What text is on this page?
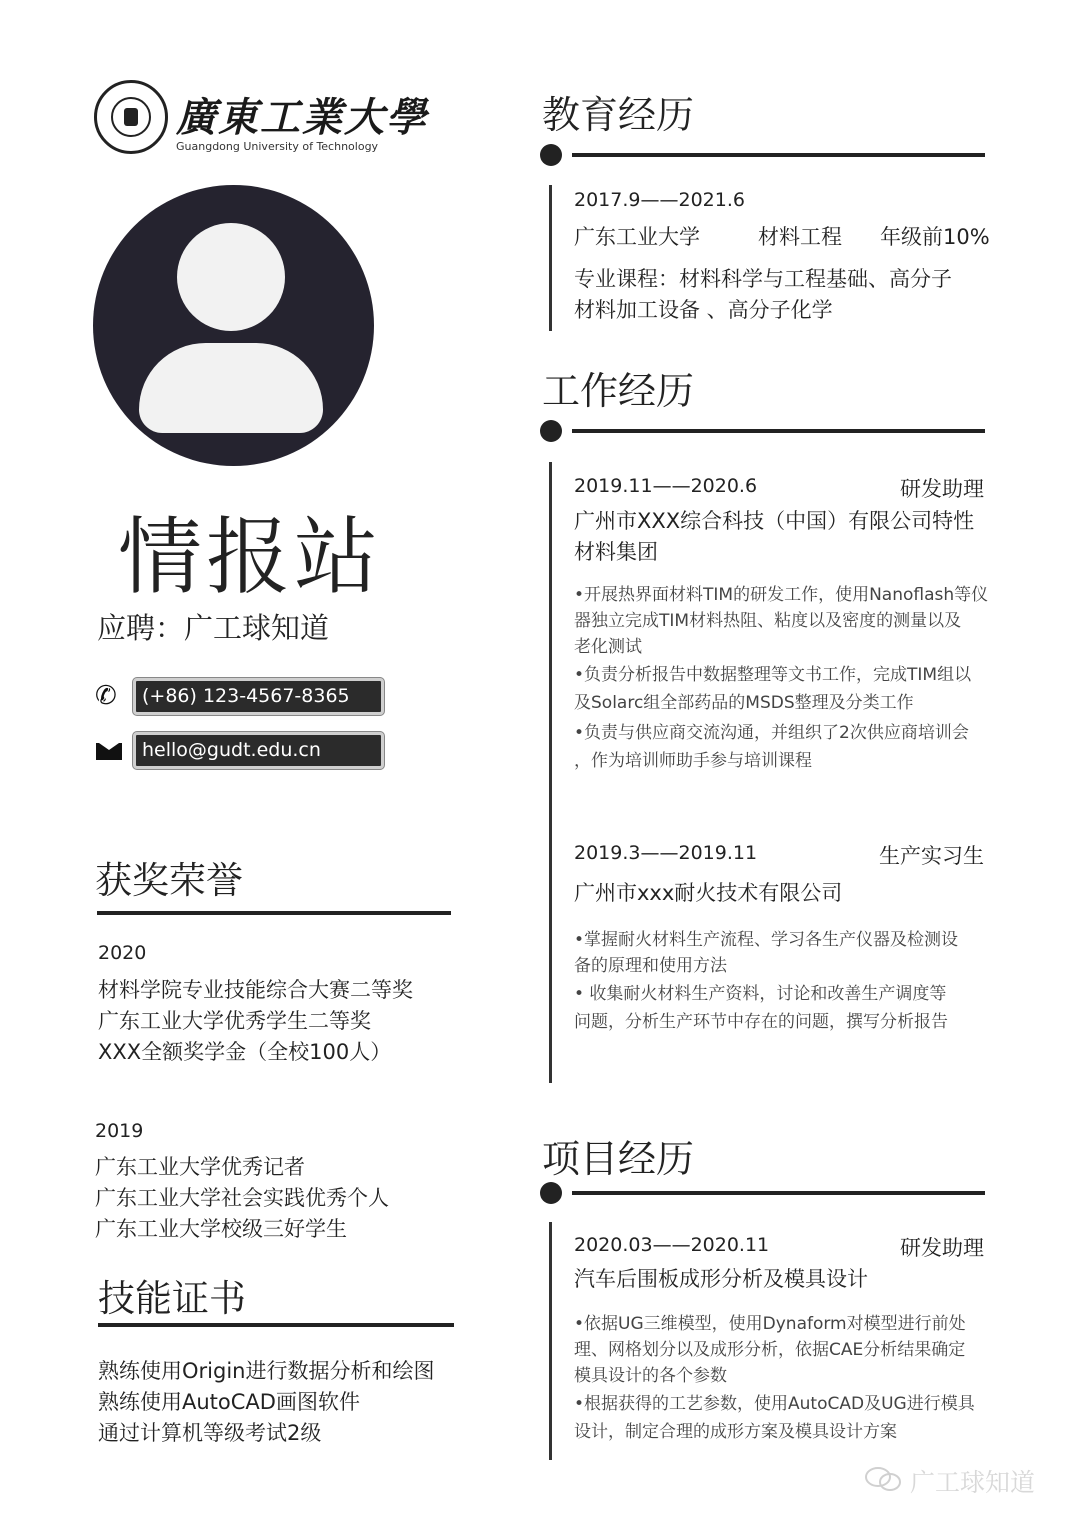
廣東工業大學
Guangdong University of Technology
情报站
应聘：广工球知道
✆	(+86) 123-4567-8365
hello@gudt.edu.cn
获奖荣誉
2020
材料学院专业技能综合大赛二等奖
广东工业大学优秀学生二等奖
XXX全额奖学金（全校100人）
2019
广东工业大学优秀记者
广东工业大学社会实践优秀个人
广东工业大学校级三好学生
技能证书
熟练使用Origin进行数据分析和绘图
熟练使用AutoCAD画图软件
通过计算机等级考试2级
教育经历
2017.9——2021.6
广东工业大学	材料工程 年级前10%
专业课程：材料科学与工程基础、高分子
材料加工设备 、高分子化学
工作经历
2019.11——2020.6	研发助理
广州市XXX综合科技（中国）有限公司特性
材料集团
•开展热界面材料TIM的研发工作，使用Nanoflash等仪
器独立完成TIM材料热阻、粘度以及密度的测量以及
老化测试
•负责分析报告中数据整理等文书工作，完成TIM组以
及Solarc组全部药品的MSDS整理及分类工作
•负责与供应商交流沟通，并组织了2次供应商培训会
，作为培训师助手参与培训课程
2019.3——2019.11	生产实习生
广州市xxx耐火技术有限公司
•掌握耐火材料生产流程、学习各生产仪器及检测设
备的原理和使用方法
• 收集耐火材料生产资料，讨论和改善生产调度等
问题，分析生产环节中存在的问题，撰写分析报告
项目经历
2020.03——2020.11	研发助理
汽车后围板成形分析及模具设计
•依据UG三维模型，使用Dynaform对模型进行前处
理、网格划分以及成形分析，依据CAE分析结果确定
模具设计的各个参数
•根据获得的工艺参数，使用AutoCAD及UG进行模具
设计，制定合理的成形方案及模具设计方案
广工球知道
